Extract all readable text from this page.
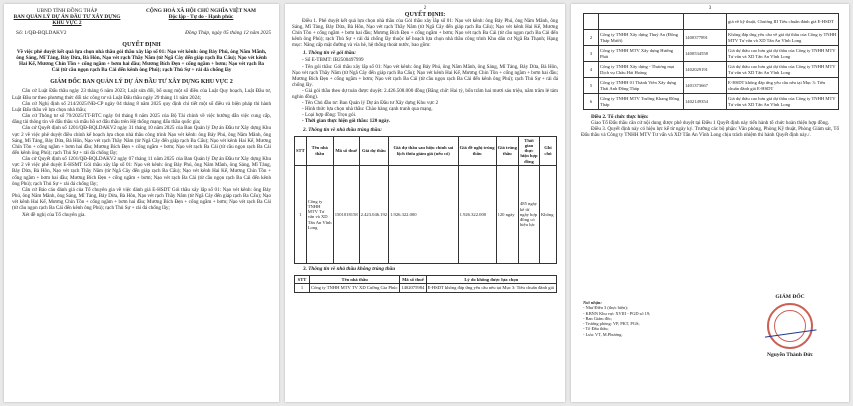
UBND TỈNH ĐỒNG THÁP
BAN QUẢN LÝ DỰ ÁN ĐẦU TƯ XÂY DỰNG KHU VỰC 2
CỘNG HOÀ XÃ HỘI CHỦ NGHĨA VIỆT NAM
Độc lập - Tự do - Hạnh phúc
Số: 1/QĐ-BQLDAKV2	Đồng Tháp, ngày 05 tháng 12 năm 2025
QUYẾT ĐỊNH
Về việc phê duyệt kết quả lựa chọn nhà thầu gói thầu xây lắp số 01: Nạo vét kênh: ông Bảy Phú, ông Năm Mãnh, ông Sáng, Mĩ Tảng, Bảy Dừa, Bà Hôn, Nạo vét rạch Thầy Năm (từ Ngã Cây đến giáp rạch Ba Cấu); Nạo vét kênh Hai Kế, Mương Chín Tồn + cống ngầm + bơm hai đầu; Mương Bích Đẹn + cống ngầm + bơm; Nạo vét rạch Ba Cái (từ cầu ngọn rạch Ba Cái đến kênh ông Phú); rạch Thủ Sự + rải đá chống lầy
GIÁM ĐỐC BAN QUẢN LÝ DỰ ÁN ĐẦU TƯ XÂY DỰNG KHU VỰC 2
Căn cứ Luật Đấu thầu ngày 23 tháng 6 năm 2023; Luật sửa đổi, bổ sung một số điều của Luật Quy hoạch, Luật Đầu tư, Luật Đầu tư theo phương thức đối tác công tư và Luật Đấu thầu ngày 29 tháng 11 năm 2024;
Căn cứ Nghị định số 214/2025/NĐ-CP ngày 04 tháng 8 năm 2025 quy định chi tiết một số điều và biện pháp thi hành Luật Đấu thầu về lựa chọn nhà thầu;
Căn cứ Thông tư số 79/2025/TT-BTC ngày 04 tháng 8 năm 2025 của Bộ Tài chính về việc hướng dẫn việc cung cấp, đăng tải thông tin về đấu thầu và mẫu hồ sơ đấu thầu trên Hệ thống mạng đấu thầu quốc gia;
Căn cứ Quyết định số 1201/QĐ-BQLDAKV2 ngày 31 tháng 10 năm 2025 của Ban Quản lý Dự án Đầu tư Xây dựng Khu vực 2 về việc phê duyệt điều chỉnh kế hoạch lựa chọn nhà thầu công trình Nạo vét kênh: ông Bảy Phú, ông Năm Mãnh, ông Sáng, Mĩ Tảng, Bảy Dừa, Bà Hôn, Nạo vét rạch Thầy Năm (từ Ngã Cây đến giáp rạch Ba Cấu); Nạo vét kênh Hai Kế, Mương Chín Tồn + cống ngầm + bơm hai đầu; Mương Bích Đẹn + cống ngầm + bơm; Nạo vét rạch Ba Cái (từ cầu ngọn rạch Ba Cái đến kênh ông Phú); rạch Thủ Sự + rải đá chống lầy;
Căn cứ Quyết định số 1201/QĐ-BQLDAKV2 ngày 07 tháng 11 năm 2025 của Ban Quản lý Dự án Đầu tư Xây dựng Khu vực 2 về việc phê duyệt E-HSMT Gói thầu xây lắp số 01: Nạo vét kênh: ông Bảy Phú, ông Năm Mãnh, ông Sáng, Mĩ Tảng, Bảy Dừa, Bà Hôn, Nạo vét rạch Thầy Năm (từ Ngã Cây đến giáp rạch Ba Cấu); Nạo vét kênh Hai Kế, Mương Chín Tồn + cống ngầm + bơm hai đầu; Mương Bích Đẹn + cống ngầm + bơm; Nạo vét rạch Ba Cái (từ cầu ngọn rạch Ba Cái đến kênh ông Phú); rạch Thủ Sự + rải đá chống lầy;
Căn cứ Báo cáo đánh giá của Tổ chuyên gia về việc đánh giá E-HSDT Gói thầu xây lắp số 01: Nạo vét kênh: ông Bảy Phú, ông Năm Mãnh, ông Sáng, Mĩ Tảng, Bảy Dừa, Bà Hôn, Nạo vét rạch Thầy Năm (từ Ngã Cây đến giáp rạch Ba Cấu); Nạo vét kênh Hai Kế, Mương Chín Tồn + cống ngầm + bơm hai đầu; Mương Bích Đẹn + cống ngầm + bơm; Nạo vét rạch Ba Cái (từ cầu ngọn rạch Ba Cái đến kênh ông Phú); rạch Thủ Sự + rải đá chống lầy;
Xét đề nghị của Tổ chuyên gia.
2
QUYẾT ĐỊNH:
Điều 1. Phê duyệt kết quả lựa chọn nhà thầu của Gói thầu xây lắp số 01: Nạo vét kênh: ông Bảy Phú, ông Năm Mãnh, ông Sáng, Mĩ Tảng, Bảy Dừa, Bà Hôn, Nạo vét rạch Thầy Năm (từ Ngã Cây đến giáp rạch Ba Cấu); Nạo vét kênh Hai Kế, Mương Chín Tồn + cống ngầm + bơm hai đầu; Mương Bích Đẹn + cống ngầm + bơm; Nạo vét rạch Ba Cái (từ cầu ngọn rạch Ba Cái đến kênh ông Phú); rạch Thủ Sự + rải đá chống lầy thuộc kế hoạch lựa chọn nhà thầu công trình Khu dân cư Ngã Ba Thạnh; Hạng mục: Nâng cấp mặt đường và vỉa hè, hệ thống thoát nước, bao gồm:
1. Thông tin về gói thầu:
- Số E-TBMT: IB2500497999
- Tên gói thầu: Gói thầu xây lắp số 01: Nạo vét kênh: ông Bảy Phú, ông Năm Mãnh, ông Sáng, Mĩ Tảng, Bảy Dừa, Bà Hôn, Nạo vét rạch Thầy Năm (từ Ngã Cây đến giáp rạch Ba Cấu); Nạo vét kênh Hai Kế, Mương Chín Tồn + cống ngầm + bơm hai đầu; Mương Bích Đẹn + cống ngầm + bơm; Nạo vét rạch Ba Cái (từ cầu ngọn rạch Ba Cái đến kênh ông Phú); rạch Thủ Sự + rải đá chống lầy.
- Giá gói thầu theo dự toán được duyệt: 2.426.508.000 đồng (Bằng chữ: Hai tỷ, bốn trăm hai mươi sáu triệu, năm trăm lẻ tám nghìn đồng).
- Tên Chủ đầu tư: Ban Quản lý Dự án Đầu tư Xây dựng Khu vực 2
- Hình thức lựa chọn nhà thầu: Chào hàng cạnh tranh qua mạng.
- Loại hợp đồng: Trọn gói.
- Thời gian thực hiện gói thầu: 120 ngày.
2. Thông tin về nhà thầu trúng thầu:
STT	Tên nhà thầu	Mã số thuế	Giá dự thầu	Giá dự thầu sau hiệu chỉnh sai lệch thừa giảm giá (nếu có)	Giá đề nghị trúng thầu	Giá trúng thầu	Thời gian thực hiện hợp đồng	Ghi chú
1	Công ty TNHH MTV Tư vấn và XD Tấn An Vĩnh Long	1501018158	2.423.046.192	1.926.322.000	1.926.322.000	120 ngày	485 ngày kể từ ngày hợp đồng có hiệu lực	Không
3. Thông tin về nhà thầu không trúng thầu
STT	Tên nhà thầu	Mã số thuế	Lý do không được lựa chọn
1	Công ty TNHH MTV TV XD Cường Gia Phúc	1402075984	E-HSDT không đáp ứng yêu cầu nêu tại Mục 3: Tiêu chuẩn đánh giá
3
			giá về kỹ thuật, Chương III Tiêu chuẩn đánh giá E-HSDT
2	Công ty TNHH Xây dựng Thuý An (Đồng Tháp Mười)	1400377891	Không đáp ứng yêu cầu về giá dự thầu của Công ty TNHH MTV Tư vấn và XD Tấn An Vĩnh Long
3	Công ty TNHH MTV Xây dựng Hướng Phát	1400534558	Giá dự thầu cao hơn giá dự thầu của Công ty TNHH MTV Tư vấn và XD Tấn An Vĩnh Long
4	Công ty TNHH Xây dựng - Thương mại Dịch vụ Châu Hải Hoàng	1402029191	Giá dự thầu cao hơn giá dự thầu của Công ty TNHH MTV Tư vấn và XD Tấn An Vĩnh Long
5	Công ty TNHH 01 Thành Viên Xây dựng Thái Anh Đồng Tháp	1401373667	E-HSDT không đáp ứng yêu cầu nêu tại Mục 3: Tiêu chuẩn đánh giá E-HSDT
6	Công ty TNHH MTV Trường Khang Đồng Tháp	1402149354	Giá dự thầu cao hơn giá dự thầu của Công ty TNHH MTV Tư vấn và XD Tấn An Vĩnh Long
Điều 2. Tổ chức thực hiện:
Giao Tổ Đấu thầu căn cứ nội dung được phê duyệt tại Điều 1 Quyết định này tiến hành tổ chức hoàn thiện hợp đồng.
Điều 3. Quyết định này có hiệu lực kể từ ngày ký. Trưởng các bộ phận: Văn phòng, Phòng Kỹ thuật, Phòng Giám sát, Tổ Đấu thầu và Công ty TNHH MTV Tư vấn và XD Tấn An Vĩnh Long chịu trách nhiệm thi hành Quyết định này./.
Nơi nhận:
- Như Điều 3 (thực hiện);
- KBNN Khu vực XVIII - PGD số 19;
- Ban Giám đốc;
- Trưởng phòng: VP, PKT, PGS;
- Tổ Đấu thầu;
- Lưu: VT, M.Phương.
GIÁM ĐỐC
Nguyễn Thành Đức
